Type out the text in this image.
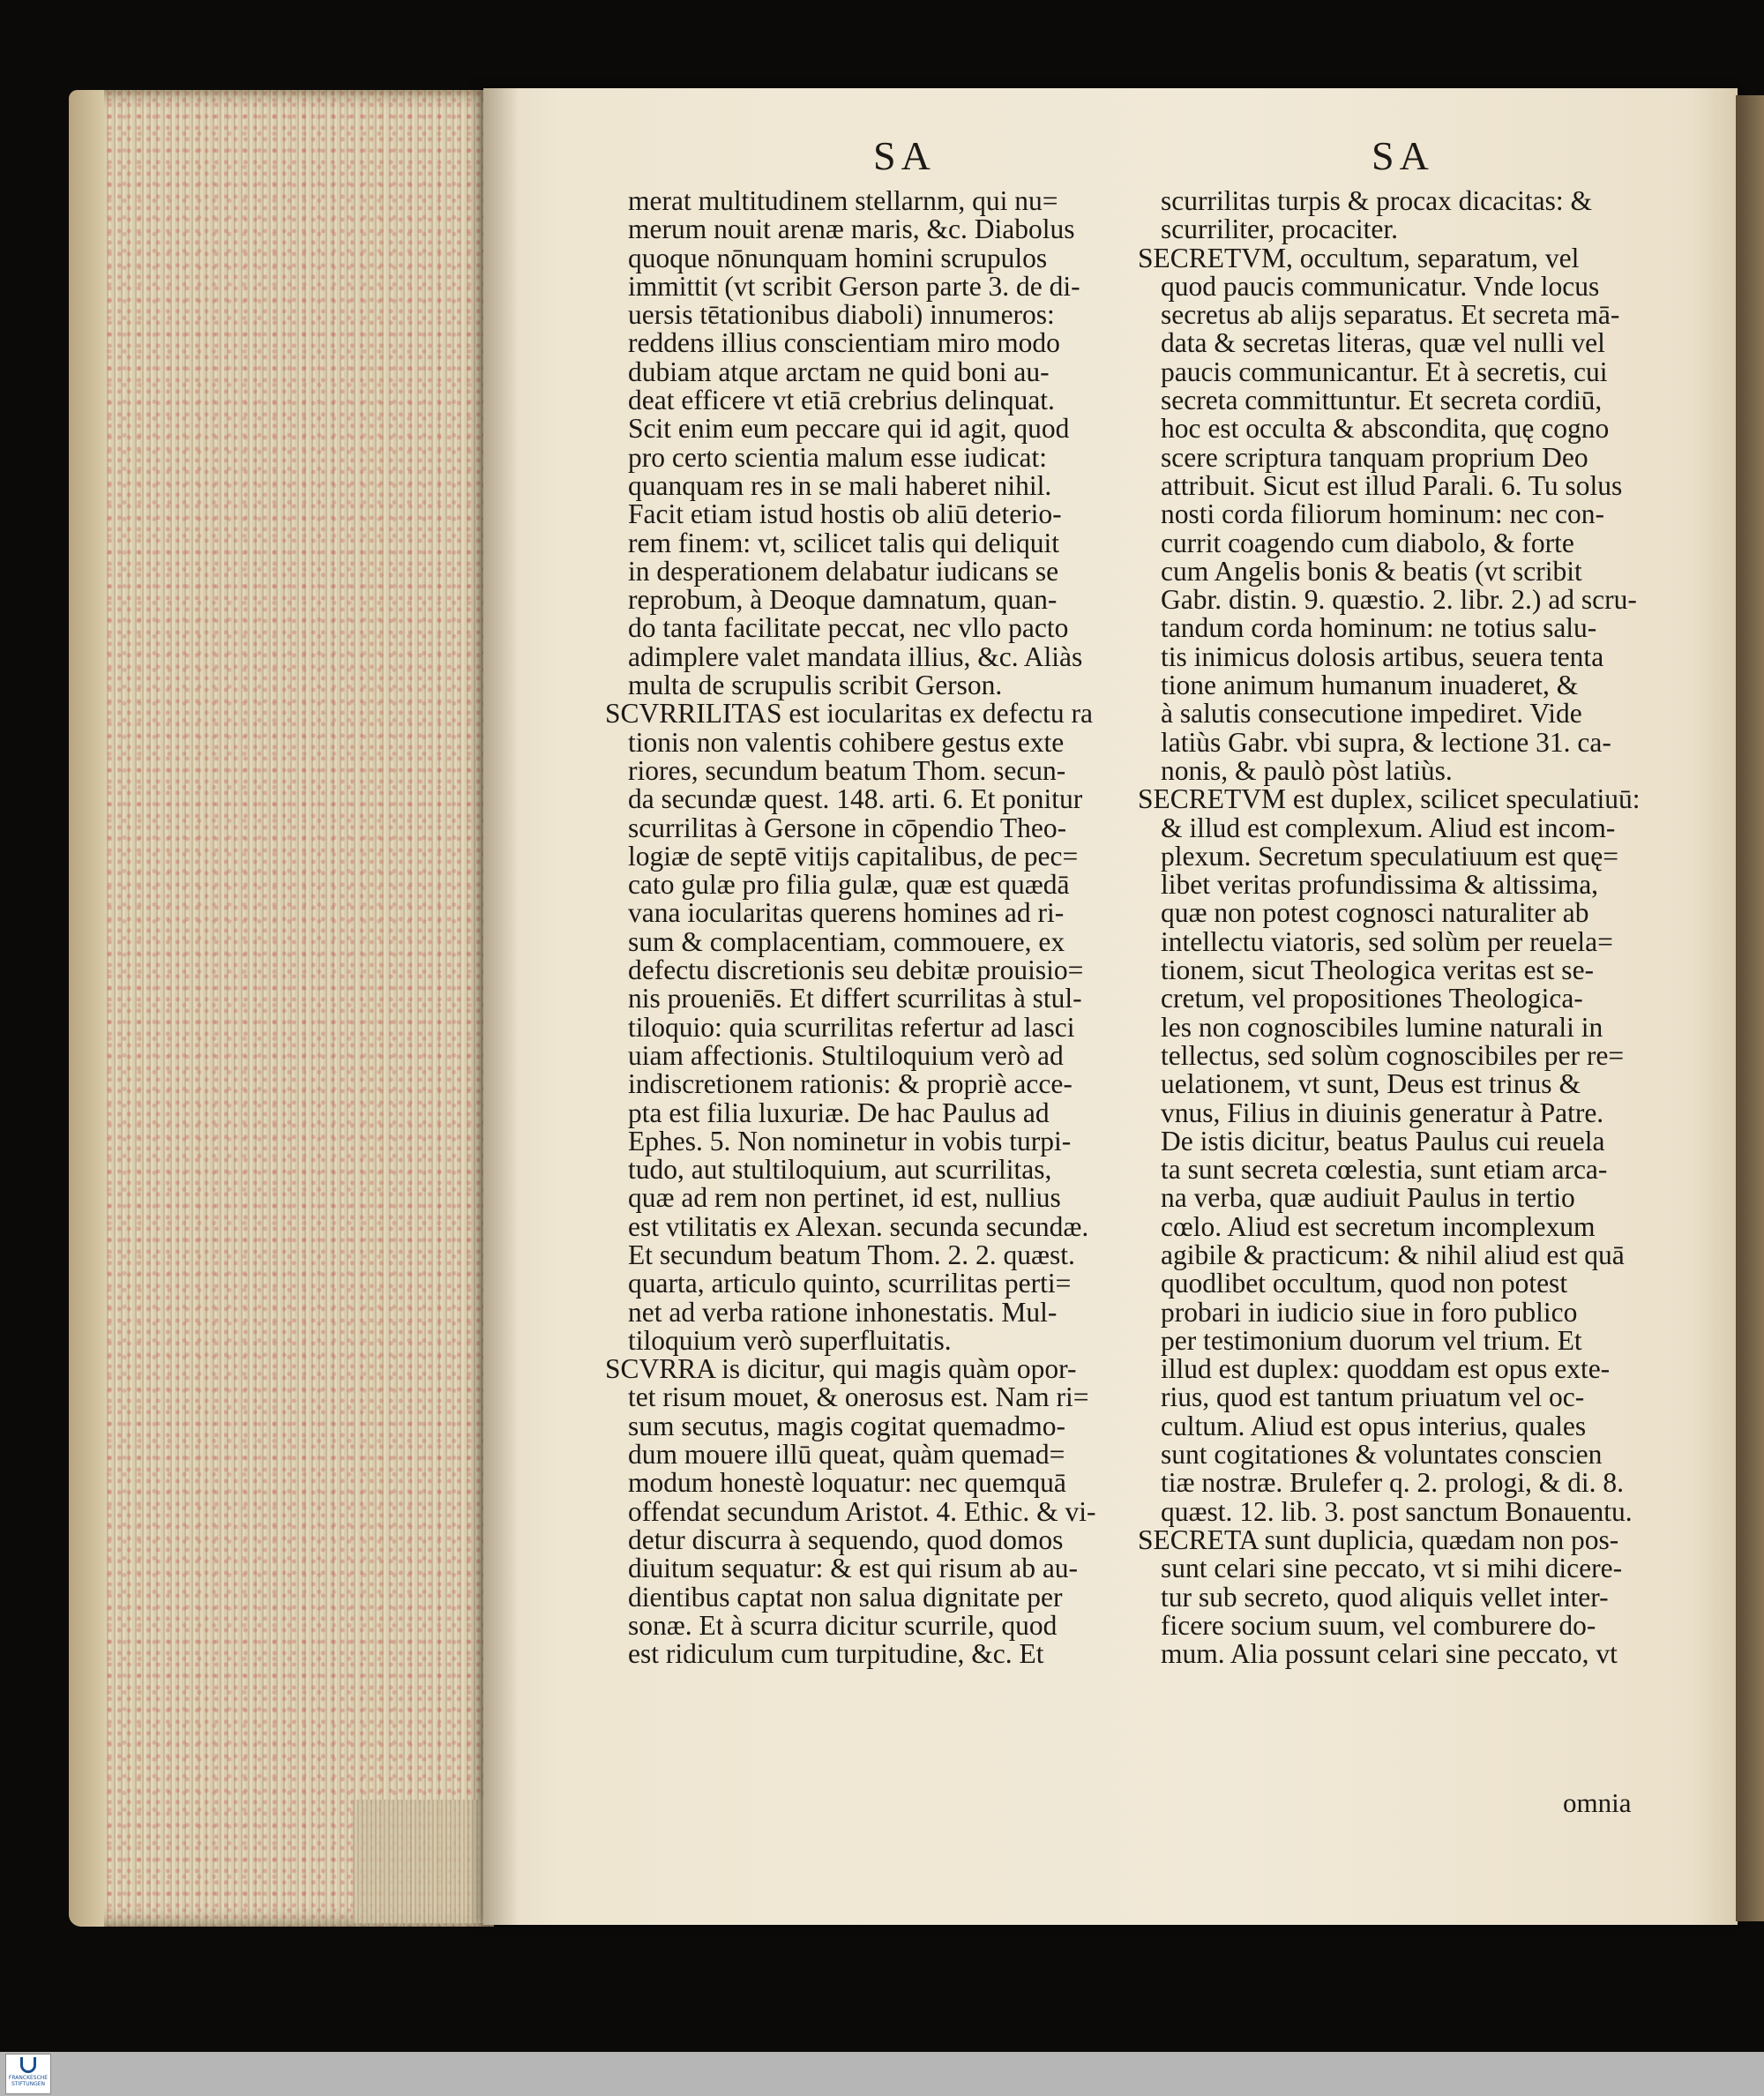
SA	SA
merat multitudinem stellarnm, qui nu=
merum nouit arenæ maris, &c. Diabolus
quoque nōnunquam homini scrupulos
immittit (vt scribit Gerson parte 3. de di-
uersis tētationibus diaboli) innumeros:
reddens illius conscientiam miro modo
dubiam atque arctam ne quid boni au-
deat efficere vt etiā crebrius delinquat.
Scit enim eum peccare qui id agit, quod
pro certo scientia malum esse iudicat:
quanquam res in se mali haberet nihil.
Facit etiam istud hostis ob aliū deterio-
rem finem: vt, scilicet talis qui deliquit
in desperationem delabatur iudicans se
reprobum, à Deoque damnatum, quan-
do tanta facilitate peccat, nec vllo pacto
adimplere valet mandata illius, &c. Aliàs
multa de scrupulis scribit Gerson.
SCVRRILITAS est iocularitas ex defectu ra
tionis non valentis cohibere gestus exte
riores, secundum beatum Thom. secun-
da secundæ quest. 148. arti. 6. Et ponitur
scurrilitas à Gersone in cōpendio Theo-
logiæ de septē vitijs capitalibus, de pec=
cato gulæ pro filia gulæ, quæ est quædā
vana iocularitas querens homines ad ri-
sum & complacentiam, commouere, ex
defectu discretionis seu debitæ prouisio=
nis proueniēs. Et differt scurrilitas à stul-
tiloquio: quia scurrilitas refertur ad lasci
uiam affectionis. Stultiloquium verò ad
indiscretionem rationis: & propriè acce-
pta est filia luxuriæ. De hac Paulus ad
Ephes. 5. Non nominetur in vobis turpi-
tudo, aut stultiloquium, aut scurrilitas,
quæ ad rem non pertinet, id est, nullius
est vtilitatis ex Alexan. secunda secundæ.
Et secundum beatum Thom. 2. 2. quæst.
quarta, articulo quinto, scurrilitas perti=
net ad verba ratione inhonestatis. Mul-
tiloquium verò superfluitatis.
SCVRRA is dicitur, qui magis quàm opor-
tet risum mouet, & onerosus est. Nam ri=
sum secutus, magis cogitat quemadmo-
dum mouere illū queat, quàm quemad=
modum honestè loquatur: nec quemquā
offendat secundum Aristot. 4. Ethic. & vi-
detur discurra à sequendo, quod domos
diuitum sequatur: & est qui risum ab au-
dientibus captat non salua dignitate per
sonæ. Et à scurra dicitur scurrile, quod
est ridiculum cum turpitudine, &c. Et
scurrilitas turpis & procax dicacitas: &
scurriliter, procaciter.
SECRETVM, occultum, separatum, vel
quod paucis communicatur. Vnde locus
secretus ab alijs separatus. Et secreta mā-
data & secretas literas, quæ vel nulli vel
paucis communicantur. Et à secretis, cui
secreta committuntur. Et secreta cordiū,
hoc est occulta & abscondita, quę cogno
scere scriptura tanquam proprium Deo
attribuit. Sicut est illud Parali. 6. Tu solus
nosti corda filiorum hominum: nec con-
currit coagendo cum diabolo, & forte
cum Angelis bonis & beatis (vt scribit
Gabr. distin. 9. quæstio. 2. libr. 2.) ad scru-
tandum corda hominum: ne totius salu-
tis inimicus dolosis artibus, seuera tenta
tione animum humanum inuaderet, &
à salutis consecutione impediret. Vide
latiùs Gabr. vbi supra, & lectione 31. ca-
nonis, & paulò pòst latiùs.
SECRETVM est duplex, scilicet speculatiuū:
& illud est complexum. Aliud est incom-
plexum. Secretum speculatiuum est quę=
libet veritas profundissima & altissima,
quæ non potest cognosci naturaliter ab
intellectu viatoris, sed solùm per reuela=
tionem, sicut Theologica veritas est se-
cretum, vel propositiones Theologica-
les non cognoscibiles lumine naturali in
tellectus, sed solùm cognoscibiles per re=
uelationem, vt sunt, Deus est trinus &
vnus, Filius in diuinis generatur à Patre.
De istis dicitur, beatus Paulus cui reuela
ta sunt secreta cœlestia, sunt etiam arca-
na verba, quæ audiuit Paulus in tertio
cœlo. Aliud est secretum incomplexum
agibile & practicum: & nihil aliud est quā
quodlibet occultum, quod non potest
probari in iudicio siue in foro publico
per testimonium duorum vel trium. Et
illud est duplex: quoddam est opus exte-
rius, quod est tantum priuatum vel oc-
cultum. Aliud est opus interius, quales
sunt cogitationes & voluntates conscien
tiæ nostræ. Brulefer q. 2. prologi, & di. 8.
quæst. 12. lib. 3. post sanctum Bonauentu.
SECRETA sunt duplicia, quædam non pos-
sunt celari sine peccato, vt si mihi dicere-
tur sub secreto, quod aliquis vellet inter-
ficere socium suum, vel comburere do-
mum. Alia possunt celari sine peccato, vt
omnia
FRANCKESCHE STIFTUNGEN
